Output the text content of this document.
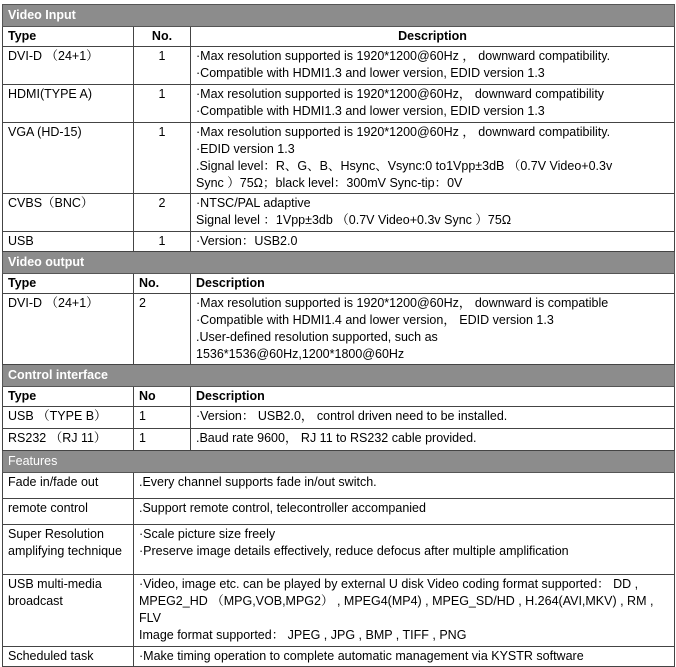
Video Input		
Type	No.	Description
DVI-D （24+1）	1	·Max resolution supported is 1920*1200@60Hz ， downward compatibility.
·Compatible with HDMI1.3 and lower version, EDID version 1.3

HDMI(TYPE A)	1	·Max resolution supported is 1920*1200@60Hz， downward compatibility
·Compatible with HDMI1.3 and lower version, EDID version 1.3

VGA (HD-15)	1	·Max resolution supported is 1920*1200@60Hz ， downward compatibility.
·EDID version 1.3
.Signal level：R、G、B、Hsync、Vsync:0 to1Vpp±3dB （0.7V Video+0.3v
Sync ）75Ω；black level：300mV Sync-tip：0V

CVBS（BNC）	2	·NTSC/PAL adaptive
Signal level ：1Vpp±3db （0.7V Video+0.3v Sync ）75Ω

USB	1	·Version：USB2.0

Video output		
Type	No.	Description
DVI-D （24+1）	2	·Max resolution supported is 1920*1200@60Hz， downward is compatible
·Compatible with HDMI1.4 and lower version， EDID version 1.3
.User-defined resolution supported, such as
1536*1536@60Hz,1200*1800@60Hz

Control interface		
Type	No	Description
USB （TYPE B）	1	·Version： USB2.0， control driven need to be installed.

RS232 （RJ 11）	1	.Baud rate 9600， RJ 11 to RS232 cable provided.

Features		
Fade in/fade out	.Every channel supports fade in/out switch.	

remote control	.Support remote control, telecontroller accompanied	

Super Resolution amplifying technique	·Scale picture size freely
·Preserve image details effectively, reduce defocus after multiple amplification	

USB multi-media broadcast	·Video, image etc. can be played by external U disk Video coding format supported： DD ,
MPEG2_HD （MPG,VOB,MPG2） , MPEG4(MP4) , MPEG_SD/HD , H.264(AVI,MKV) , RM ,
FLV
Image format supported： JPEG , JPG , BMP , TIFF , PNG	

Scheduled task	·Make timing operation to complete automatic management via KYSTR software	
